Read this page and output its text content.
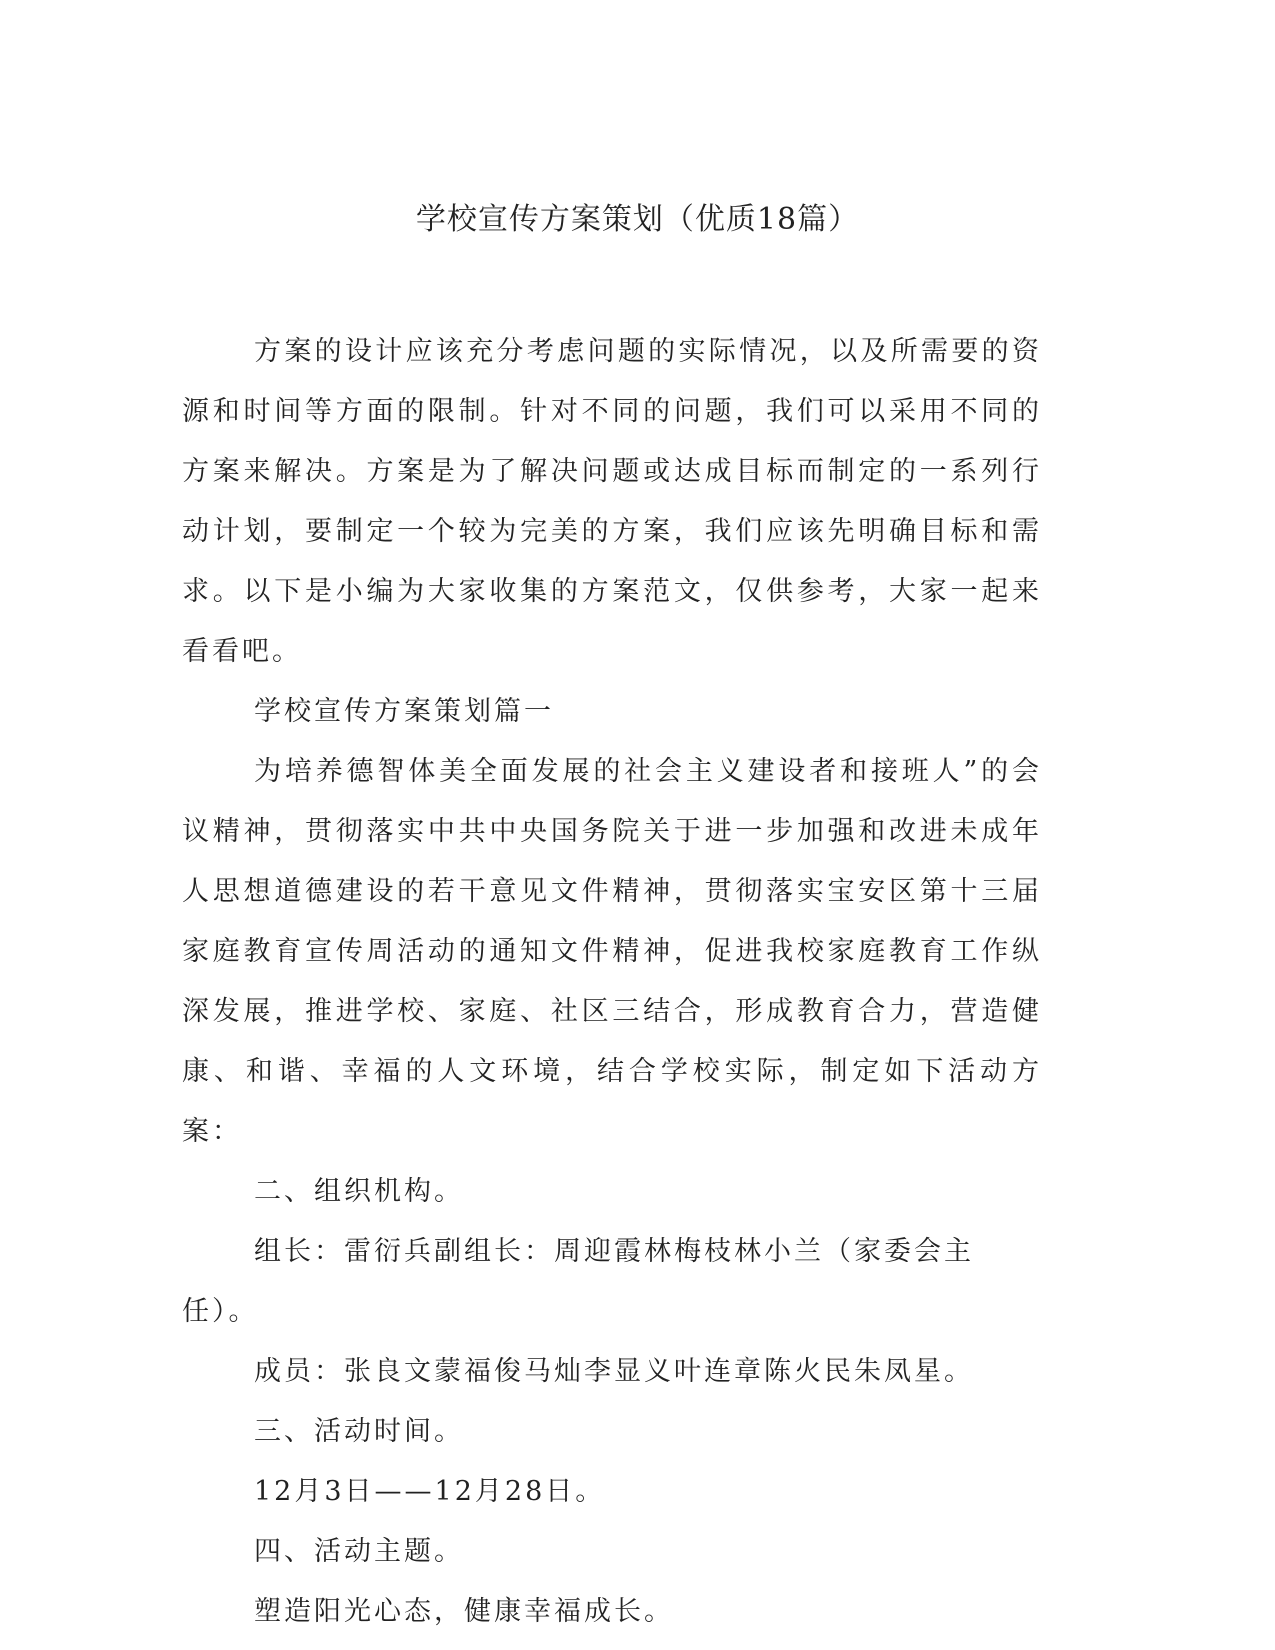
学校宣传方案策划（优质18篇）

方案的设计应该充分考虑问题的实际情况，以及所需要的资源和时间等方面的限制。针对不同的问题，我们可以采用不同的方案来解决。方案是为了解决问题或达成目标而制定的一系列行动计划，要制定一个较为完美的方案，我们应该先明确目标和需求。以下是小编为大家收集的方案范文，仅供参考，大家一起来看看吧。

学校宣传方案策划篇一

为培养德智体美全面发展的社会主义建设者和接班人”的会议精神，贯彻落实中共中央国务院关于进一步加强和改进未成年人思想道德建设的若干意见文件精神，贯彻落实宝安区第十三届家庭教育宣传周活动的通知文件精神，促进我校家庭教育工作纵深发展，推进学校、家庭、社区三结合，形成教育合力，营造健康、和谐、幸福的人文环境，结合学校实际，制定如下活动方案：

二、组织机构。

组长：雷衍兵副组长：周迎霞林梅枝林小兰（家委会主任）。

成员：张良文蒙福俊马灿李显义叶连章陈火民朱凤星。

三、活动时间。

12月3日——12月28日。

四、活动主题。

塑造阳光心态，健康幸福成长。
